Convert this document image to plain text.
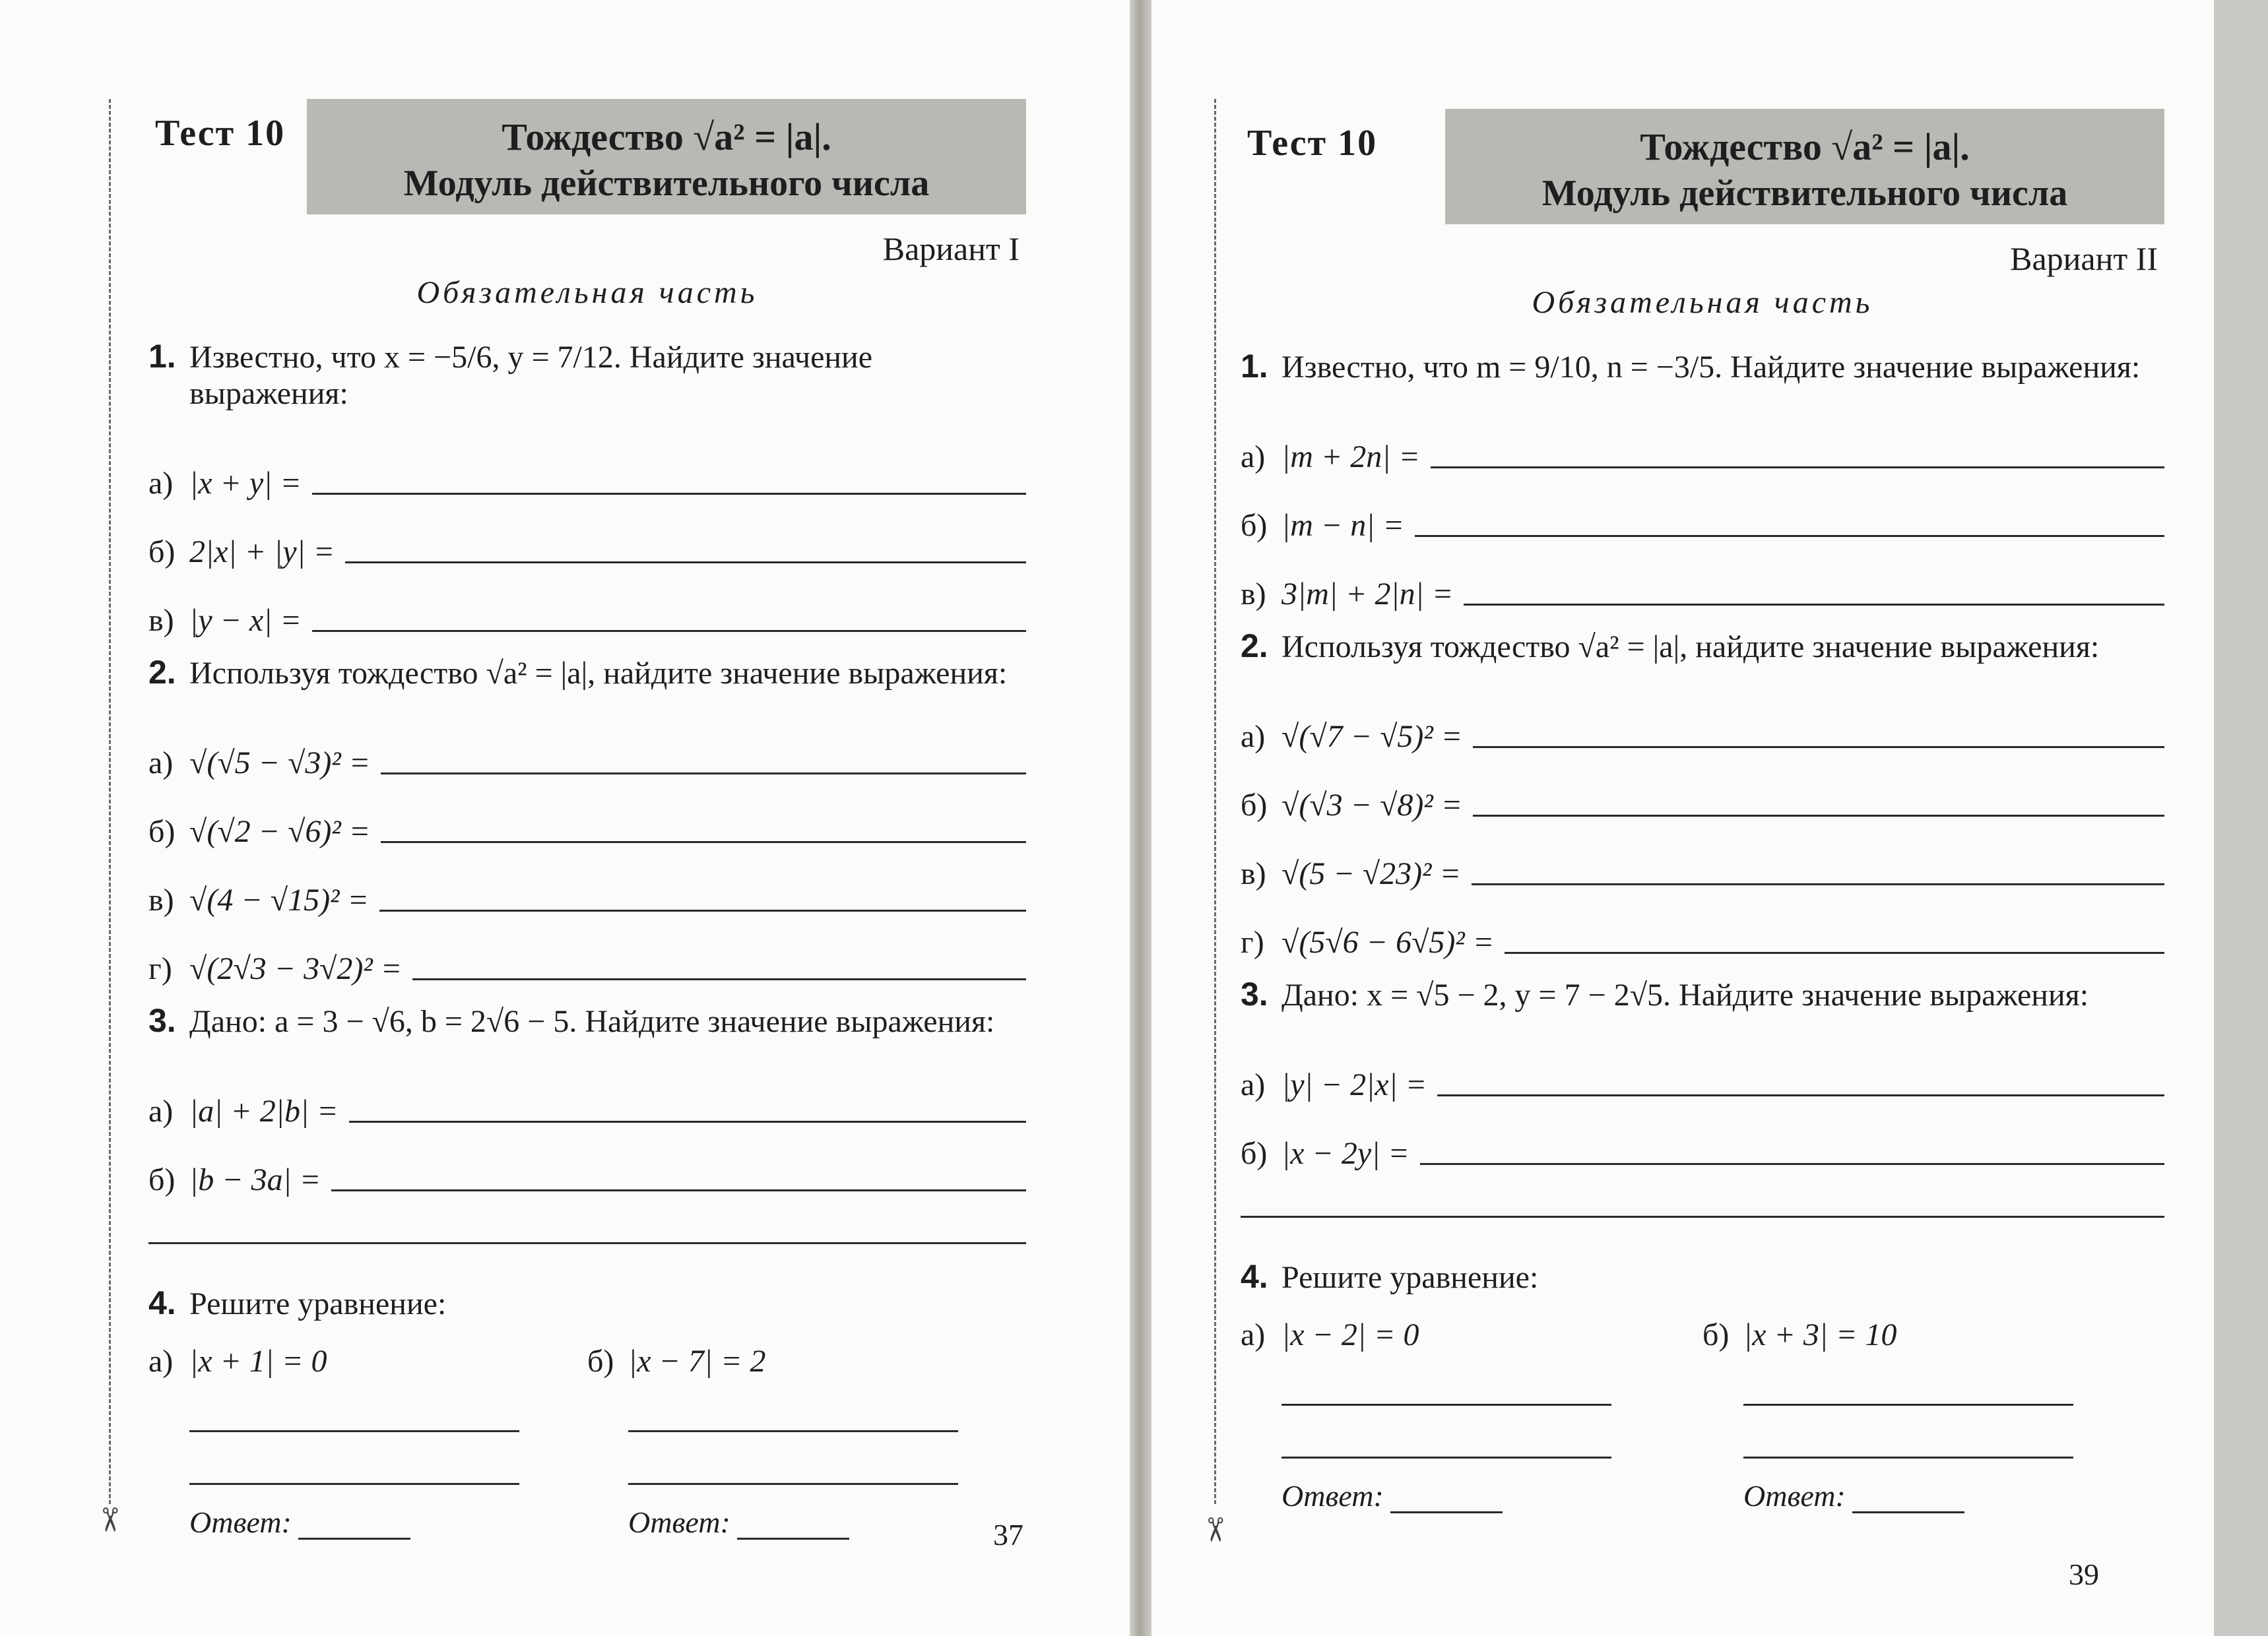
✂
Тест 10	Тождество √a² = |a|.
Модуль действительного числа
Вариант I
Обязательная часть
1. Известно, что x = −5/6, y = 7/12. Найдите значение выражения:
а) |x + y| =
б) 2|x| + |y| =
в) |y − x| =
2. Используя тождество √a² = |a|, найдите значение выражения:
а) √(√5 − √3)² =
б) √(√2 − √6)² =
в) √(4 − √15)² =
г) √(2√3 − 3√2)² =
3. Дано: a = 3 − √6, b = 2√6 − 5. Найдите значение выражения:
а) |a| + 2|b| =
б) |b − 3a| =
4. Решите уравнение:
а) |x + 1| = 0
Ответ:
б) |x − 7| = 2
Ответ:	37	✂
Тест 10	Тождество √a² = |a|.
Модуль действительного числа
Вариант II
Обязательная часть
1. Известно, что m = 9/10, n = −3/5. Найдите значение выражения:
а) |m + 2n| =
б) |m − n| =
в) 3|m| + 2|n| =
2. Используя тождество √a² = |a|, найдите значение выражения:
а) √(√7 − √5)² =
б) √(√3 − √8)² =
в) √(5 − √23)² =
г) √(5√6 − 6√5)² =
3. Дано: x = √5 − 2, y = 7 − 2√5. Найдите значение выражения:
а) |y| − 2|x| =
б) |x − 2y| =
4. Решите уравнение:
а) |x − 2| = 0
Ответ:
б) |x + 3| = 10
Ответ:
39
